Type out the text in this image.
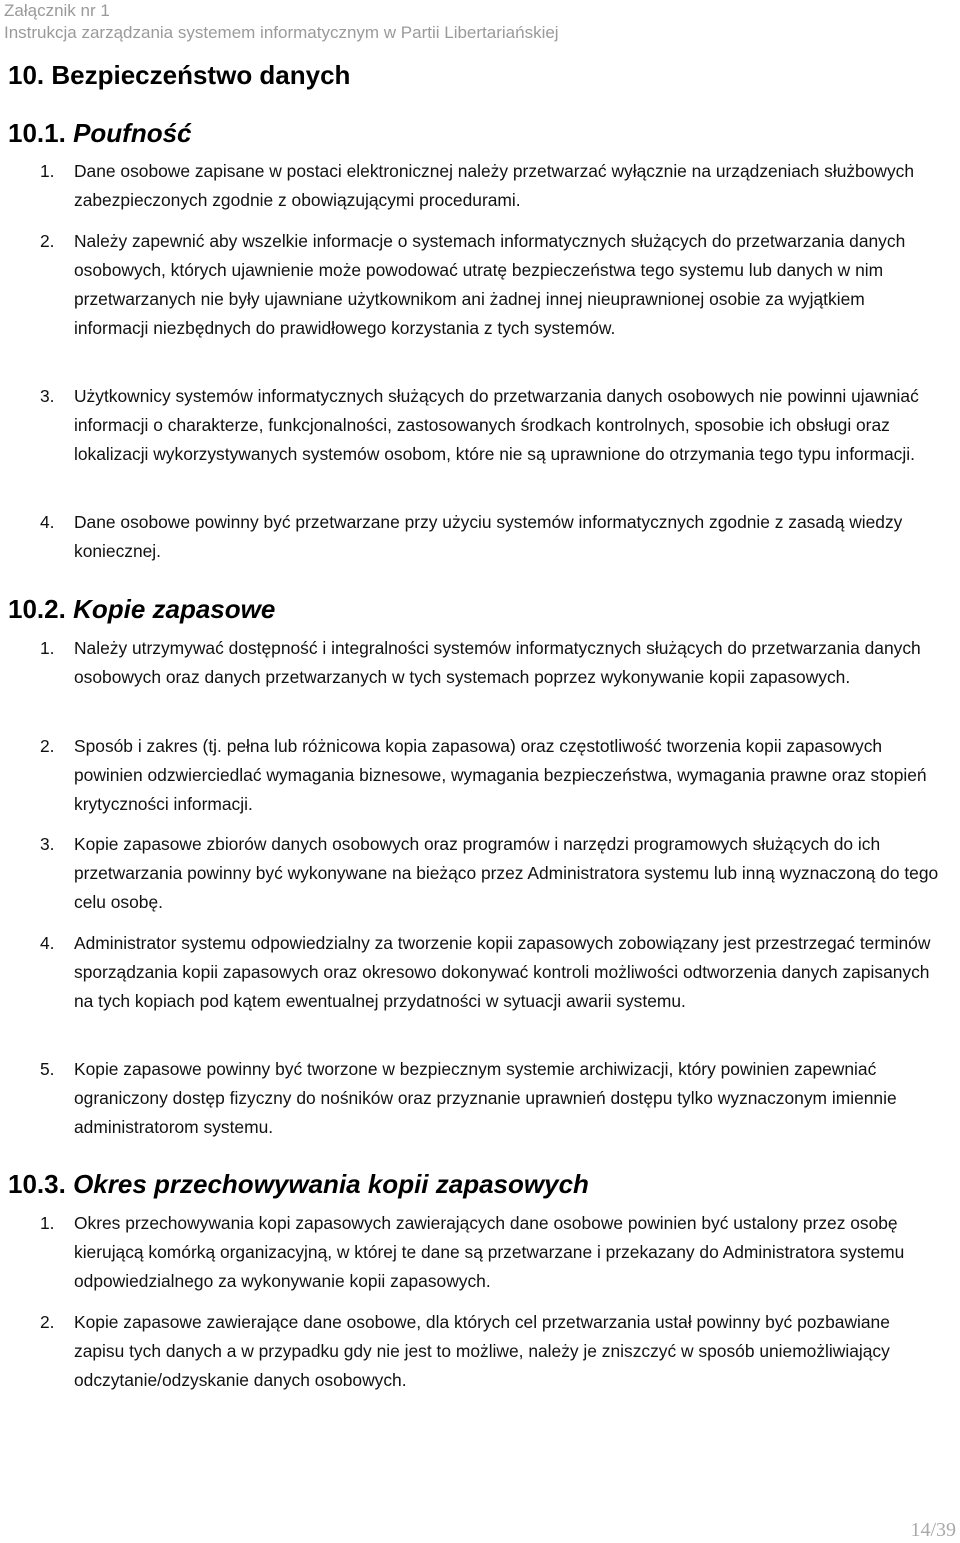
Załącznik nr 1
Instrukcja zarządzania systemem informatycznym w Partii Libertariańskiej
10. Bezpieczeństwo danych
10.1. Poufność
1. Dane osobowe zapisane w postaci elektronicznej należy przetwarzać wyłącznie na urządzeniach służbowych zabezpieczonych zgodnie z obowiązującymi procedurami.
2. Należy zapewnić aby wszelkie informacje o systemach informatycznych służących do przetwarzania danych osobowych, których ujawnienie może powodować utratę bezpieczeństwa tego systemu lub danych w nim przetwarzanych nie były ujawniane użytkownikom ani żadnej innej nieuprawnionej osobie za wyjątkiem informacji niezbędnych do prawidłowego korzystania z tych systemów.
3. Użytkownicy systemów informatycznych służących do przetwarzania danych osobowych nie powinni ujawniać informacji o charakterze, funkcjonalności, zastosowanych środkach kontrolnych, sposobie ich obsługi oraz lokalizacji wykorzystywanych systemów osobom, które nie są uprawnione do otrzymania tego typu informacji.
4. Dane osobowe powinny być przetwarzane przy użyciu systemów informatycznych zgodnie z zasadą wiedzy koniecznej.
10.2. Kopie zapasowe
1. Należy utrzymywać dostępność i integralności systemów informatycznych służących do przetwarzania danych osobowych oraz danych przetwarzanych w tych systemach poprzez wykonywanie kopii zapasowych.
2. Sposób i zakres (tj. pełna lub różnicowa kopia zapasowa) oraz częstotliwość tworzenia kopii zapasowych powinien odzwierciedlać wymagania biznesowe, wymagania bezpieczeństwa, wymagania prawne oraz stopień krytyczności informacji.
3. Kopie zapasowe zbiorów danych osobowych oraz programów i narzędzi programowych służących do ich przetwarzania powinny być wykonywane na bieżąco przez Administratora systemu lub inną wyznaczoną do tego celu osobę.
4. Administrator systemu odpowiedzialny za tworzenie kopii zapasowych zobowiązany jest przestrzegać terminów sporządzania kopii zapasowych oraz okresowo dokonywać kontroli możliwości odtworzenia danych zapisanych na tych kopiach pod kątem ewentualnej przydatności w sytuacji awarii systemu.
5. Kopie zapasowe powinny być tworzone w bezpiecznym systemie archiwizacji, który powinien zapewniać ograniczony dostęp fizyczny do nośników oraz przyznanie uprawnień dostępu tylko wyznaczonym imiennie administratorom systemu.
10.3. Okres przechowywania kopii zapasowych
1. Okres przechowywania kopi zapasowych zawierających dane osobowe powinien być ustalony przez osobę kierującą komórką organizacyjną, w której te dane są przetwarzane i przekazany do Administratora systemu odpowiedzialnego za wykonywanie kopii zapasowych.
2. Kopie zapasowe zawierające dane osobowe, dla których cel przetwarzania ustał powinny być pozbawiane zapisu tych danych a w przypadku gdy nie jest to możliwe, należy je zniszczyć w sposób uniemożliwiający odczytanie/odzyskanie danych osobowych.
14/39
